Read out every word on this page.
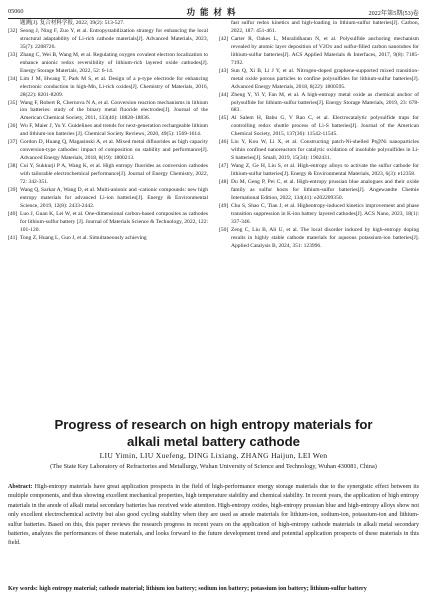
05060	功能材料	2022年第5期(53)卷
题测[J]. 复合材料学报, 2022, 39(2): 513-527.
[32] Seong J, Ning F, Zuo Y, et al. Entropystabilization strategy for enhancing the local structural adaptability of Li-rich cathode materials[J]. Advanced Materials, 2023, 35(7): 2208726.
[33] Zhang C, Wei B, Wang M, et al. Regulating oxygen covalent electron localization to enhance anionic redox reversibility of lithium-rich layered oxide cathodes[J]. Energy Storage Materials, 2022, 52: 6-14.
[34] Lim J M, Hwang T, Park M S, et al. Design of a p-type electrode for enhancing electronic conduction in high-Mn, Li-rich oxides[J]. Chemistry of Materials, 2016, 28(22): 8201-8209.
[35] Wang F, Robert R, Chernova N A, et al. Conversion reaction mechanisms in lithium ion batteries: study of the binary metal fluoride electrodes[J]. Journal of the American Chemical Society, 2011, 133(46): 18828-18836.
[36] Wu F, Maier J, Yu Y. Guidelines and trends for next-generation rechargeable lithium and lithium-ion batteries [J]. Chemical Society Reviews, 2020, 49(5): 1569-1614.
[37] Gordon D, Huang Q, Magasinski A, et al. Mixed metal difluorides as high capacity conversion-type cathodes: impact of composition on stability and performance[J]. Advanced Energy Materials, 2018, 8(19): 1800213.
[38] Cui Y, Sukkurji P A, Wang K, et al. High entropy fluorides as conversion cathodes with tailorable electrochemical performance[J]. Journal of Energy Chemistry, 2022, 72: 342-351.
[39] Wang Q, Sarkar A, Wang D, et al. Multi-anionic and -cationic compounds: new high entropy materials for advanced Li-ion batteries[J]. Energy & Environmental Science, 2019, 12(8): 2433-2442.
[40] Luo J, Guan K, Lei W, et al. One-dimensional carbon-based composites as cathodes for lithium-sulfur battery [J]. Journal of Materials Science & Technology, 2022, 122: 101-120.
[41] Tong Z, Huang L, Guo J, et al. Simultaneously achieving
fast sulfur redox kinetics and high-loading in lithium-sulfur batteries[J]. Carbon, 2022, 187: 451-461.
[42] Carter R, Oakes L, Muralidharan N, et al. Polysulfide anchoring mechanism revealed by atomic layer deposition of V2Ox and sulfur-filled carbon nanotubes for lithium-sulfur batteries[J]. ACS Applied Materials & Interfaces, 2017, 9(8): 7185-7192.
[43] Sun Q, Xi B, Li J Y, et al. Nitrogen-doped graphene-supported mixed transition-metal oxide porous particles to confine polysulfides for lithium-sulfur batteries[J]. Advanced Energy Materials, 2018, 8(22): 1800595.
[44] Zheng Y, Yi Y, Fan M, et al. A high-entropy metal oxide as chemical anchor of polysulfide for lithium-sulfur batteries[J]. Energy Storage Materials, 2019, 23: 678-683.
[45] Al Salem H, Babu G, V Rao C, et al. Electrocatalytic polysulfide traps for controlling redox shuttle process of Li-S batteries[J]. Journal of the American Chemical Society, 2015, 137(36): 11542-11545.
[46] Liu Y, Kou W, Li X, et al. Constructing patch-Ni-shelled Pt@Ni nanoparticles within confined nanoreactors for catalytic oxidation of insoluble polysulfides in Li-S batteries[J]. Small, 2019, 15(34): 1902431.
[47] Wang Z, Ge H, Liu S, et al. High-entropy alloys to activate the sulfur cathode for lithium-sulfur batteries[J]. Energy & Environmental Materials, 2023, 6(3): e12358.
[48] Du M, Geng P, Pei C, et al. High-entropy prussian blue analogues and their oxide family as sulfur hosts for lithium-sulfur batteries[J]. Angewandte Chemie International Edition, 2022, 134(41): e202209350.
[49] Chu S, Shao C, Tian J, et al. Highentropy-induced kinetics improvement and phase transition suppression in K-ion battery layered cathodes[J]. ACS Nano, 2023, 18(1): 337-346.
[50] Zeng C, Liu B, Ali U, et al. The local disorder induced by high-entropy doping results in highly stable cathode materials for aqueous potassium-ion batteries[J]. Applied Catalysis B, 2024, 351: 123996.
Progress of research on high entropy materials for
alkali metal battery cathode
LIU Yimin, LIU Xuefeng, DING Lixiang, ZHANG Haijun, LEI Wen
(The State Key Laboratory of Refractories and Metallurgy, Wuhan University of Science and Technology, Wuhan 430081, China)
Abstract: High-entropy materials have great application prospects in the field of high-performance energy storage materials due to the synergistic effect between its multiple components, and thus showing excellent mechanical properties, high temperature stability and chemical stability. In recent years, the application of high entropy materials in the anode of alkali metal secondary batteries has received wide attention. High-entropy oxides, high-entropy prussian blue and high-entropy alloys show not only excellent electrochemical activity but also good cycling stability when they are used as anode materials for lithium-ion, sodium-ion, potassium-ion and lithium-sulfur batteries. Based on this, this paper reviews the research progress in recent years on the application of high-entropy cathode materials in alkali metal secondary batteries, analyzes the performances of these materials, and looks forward to the future development trend and potential application prospects of these materials in this field.
Key words: high entropy material; cathode material; lithium ion battery; sodium ion battery; potassium ion battery; lithium-sulfur battery
